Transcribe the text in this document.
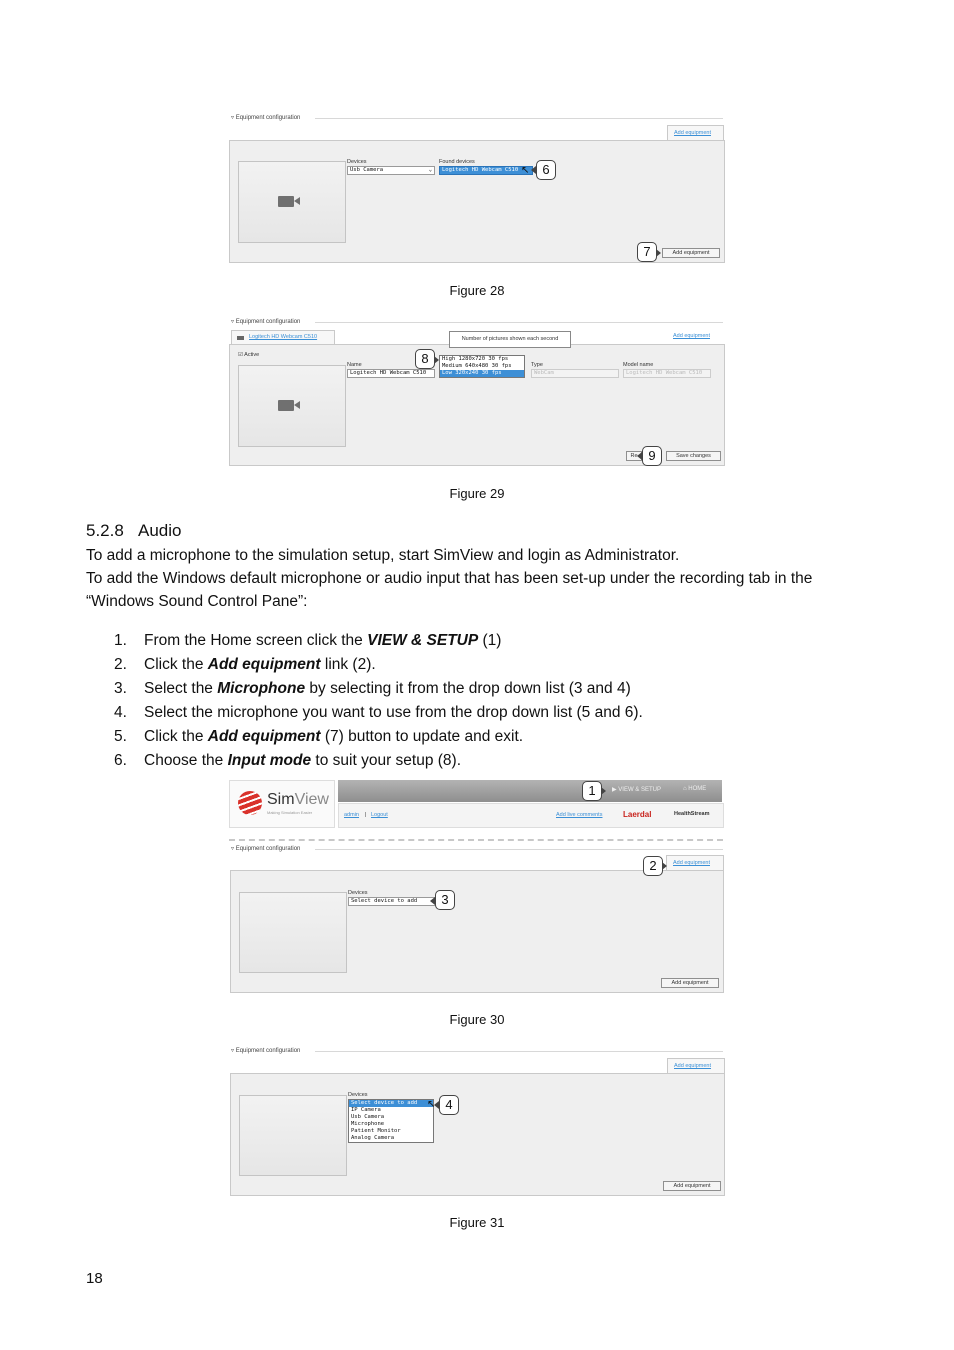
▿ Equipment configuration
Add equipment
Devices
Usb Camera	⌄
Found devices
Logitech HD Webcam C510
Add equipment
↖ 6
7
Figure 28
▿ Equipment configuration
Logitech HD Webcam C510	Add equipment
☑ Active
Name
Logitech HD Webcam C510
High 1280x720 30 fps
Medium 640x480 30 fps
Low 320x240 30 fps
Type
WebCam
Model name
Logitech HD Webcam C510
Re	Save changes
Number of pictures shown each second
8
9
Figure 29
5.2.8 Audio
To add a microphone to the simulation setup, start SimView and login as Administrator.
To add the Windows default microphone or audio input that has been set-up under the recording tab in the “Windows Sound Control Pane”:
1. From the Home screen click the VIEW & SETUP (1)
2. Click the Add equipment link (2).
3. Select the Microphone by selecting it from the drop down list (3 and 4)
4. Select the microphone you want to use from the drop down list (5 and 6).
5. Click the Add equipment (7) button to update and exit.
6. Choose the Input mode to suit your setup (8).
SimView
Making Simulation Easier
▶ VIEW & SETUP	⌂ HOME
admin | Logout	Add live comments	Laerdal	HealthStream
▿ Equipment configuration
Add equipment
Devices
Select device to add	⌄
Add equipment
1
2
3
Figure 30
▿ Equipment configuration
Add equipment
Devices
Select device to add
IP Camera
Usb Camera
Microphone
Patient Monitor
Analog Camera
Add equipment
↖ 4
Figure 31
18
